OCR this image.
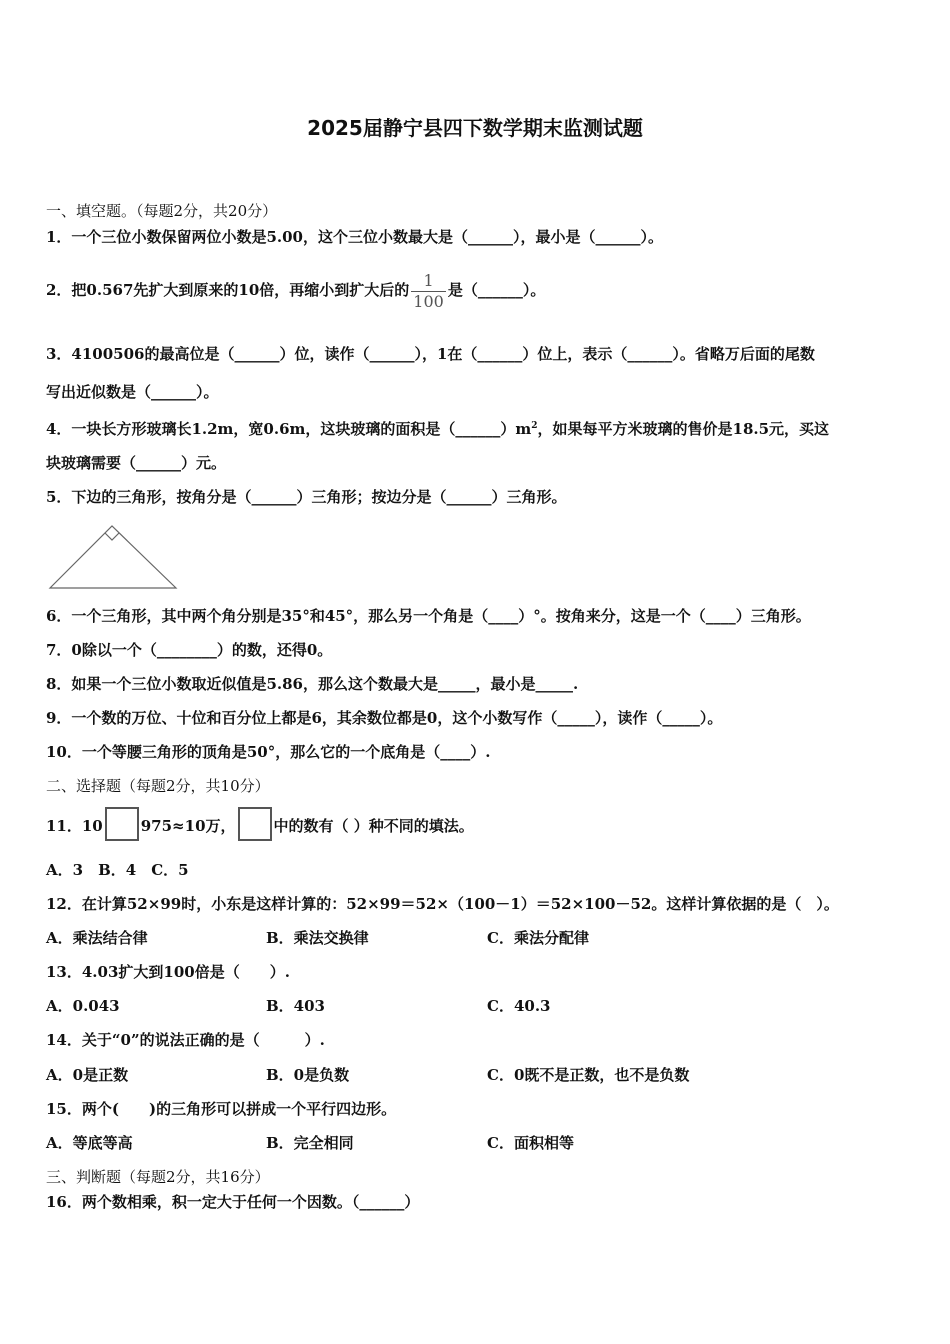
2025届静宁县四下数学期末监测试题
一、填空题。（每题2分，共20分）
1．一个三位小数保留两位小数是5.00，这个三位小数最大是（______），最小是（______）。
2．把0.567先扩大到原来的10倍，再缩小到扩大后的 $\frac{1}{100}$ 是（______）。
3．4100506的最高位是（______）位，读作（______），1在（______）位上，表示（______）。省略万后面的尾数
写出近似数是（______）。
4．一块长方形玻璃长1.2m，宽0.6m，这块玻璃的面积是$(\_\_\_\_\_\_)m^2$，如果每平方米玻璃的售价是18.5元，买这
块玻璃需要（______）元。
5．下边的三角形，按角分是（______）三角形；按边分是（______）三角形。
6．一个三角形，其中两个角分别是35°和45°，那么另一个角是（____）°。按角来分，这是一个（____）三角形。
7．0除以一个（________）的数，还得0。
8．如果一个三位小数取近似值是5.86，那么这个数最大是_____，最小是_____.
9．一个数的万位、十位和百分位上都是6，其余数位都是0，这个小数写作（_____），读作（_____）。
10．一个等腰三角形的顶角是50°，那么它的一个底角是（____）.
二、选择题（每题2分，共10分）
11．10	975≈10万，	中的数有（ ）种不同的填法。
A．3　B．4　C．5
12．在计算52×99时，小东是这样计算的：52×99＝52×（100－1）＝52×100－52。这样计算依据的是（　）。
A．乘法结合律	B．乘法交换律	C．乘法分配律
13．4.03扩大到100倍是（　　）.
A．0.043	B．403	C．40.3
14．关于“0”的说法正确的是（　　　）.
A．0是正数	B．0是负数	C．0既不是正数，也不是负数
15．两个(　　)的三角形可以拼成一个平行四边形。
A．等底等高	B．完全相同	C．面积相等
三、判断题（每题2分，共16分）
16．两个数相乘，积一定大于任何一个因数。（______）
